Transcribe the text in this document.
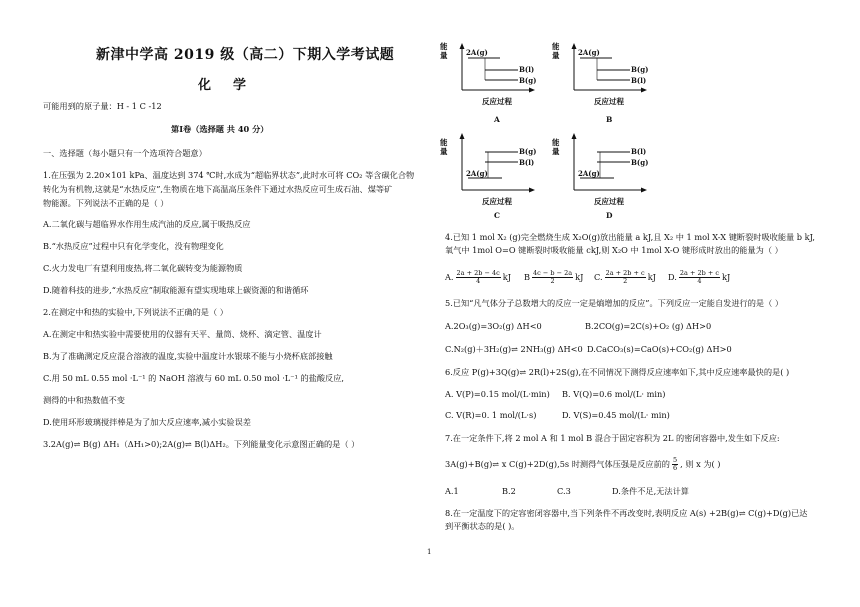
新津中学高 2019 级（高二）下期入学考试题
化学
可能用到的原子量：H - 1 C -12
第Ⅰ卷（选择题 共 40 分）
一、选择题（每小题只有一个选项符合题意）
1.在压强为 2.20×101 kPa、温度达到 374 ℃时,水成为“超临界状态”,此时水可将 CO₂ 等含碳化合物
转化为有机物,这就是“水热反应”,生物质在地下高温高压条件下通过水热反应可生成石油、煤等矿
物能源。下列说法不正确的是（ ）
A.二氧化碳与超临界水作用生成汽油的反应,属于吸热反应
B.“水热反应”过程中只有化学变化，没有物理变化
C.火力发电厂有望利用废热,将二氧化碳转变为能源物质
D.随着科技的进步,“水热反应”制取能源有望实现地球上碳资源的和谐循环
2.在测定中和热的实验中,下列说法不正确的是（ ）
A.在测定中和热实验中需要使用的仪器有天平、量筒、烧杯、滴定管、温度计
B.为了准确测定反应混合溶液的温度,实验中温度计水银球不能与小烧杯底部接触
C.用 50 mL 0.55 mol ·L⁻¹ 的 NaOH 溶液与 60 mL 0.50 mol ·L⁻¹ 的盐酸反应,
测得的中和热数值不变
D.使用环形玻璃搅拌棒是为了加大反应速率,减小实验误差
3.2A(g)⇌ B(g) ΔH₁（ΔH₁>0);2A(g)⇌ B(l)ΔH₂。下列能量变化示意图正确的是（ ）
能量	2A(g)
B(l)
B(g)
反应过程
A
能量	2A(g)
B(g)
B(l)
反应过程
B
能量	B(g)
B(l)
2A(g)
反应过程
C
能量	B(l)
B(g)
2A(g)
反应过程
D
4.已知 1 mol X₂ (g)完全燃烧生成 X₂O(g)放出能量 a kJ,且 X₂ 中 1 mol X-X 键断裂时吸收能量 b kJ,
氧气中 1mol O=O 键断裂时吸收能量 ckJ,则 X₂O 中 1mol X-O 键形成时放出的能量为（ ）
A. $\frac{2a + 2b - 4c}{4}$ kJ B $\frac{4c - b - 2a}{2}$ kJ C. $\frac{2a + 2b + c}{2}$ kJ D. $\frac{2a + 2b + c}{4}$ kJ
5.已知“凡气体分子总数增大的反应一定是熵增加的反应”。下列反应一定能自发进行的是（ ）
A.2O₃(g)=3O₂(g) ΔH<0	B.2CO(g)=2C(s)+O₂ (g) ΔH>0
C.N₂(g)＋3H₂(g)⇌ 2NH₃(g) ΔH<0 D.CaCO₃(s)=CaO(s)+CO₂(g) ΔH>0
6.反应 P(g)+3Q(g)⇌ 2R(l)+2S(g),在不同情况下测得反应速率如下,其中反应速率最快的是( )
A. V(P)=0.15 mol/(L·min) B. V(Q)=0.6 mol/(L· min)
C. V(R)=0. 1 mol/(L·s)	D. V(S)=0.45 mol/(L· min)
7.在一定条件下,将 2 mol A 和 1 mol B 混合于固定容积为 2L 的密闭容器中,发生如下反应:
3A(g)+B(g)⇌ x C(g)+2D(g),5s 时测得气体压强是反应前的 $\frac{5}{6}$ , 则 x 为( )
A.1	B.2	C.3	D.条件不足,无法计算
8.在一定温度下的定容密闭容器中,当下列条件不再改变时,表明反应 A(s) +2B(g)⇌ C(g)+D(g)已达
到平衡状态的是( )。
1
